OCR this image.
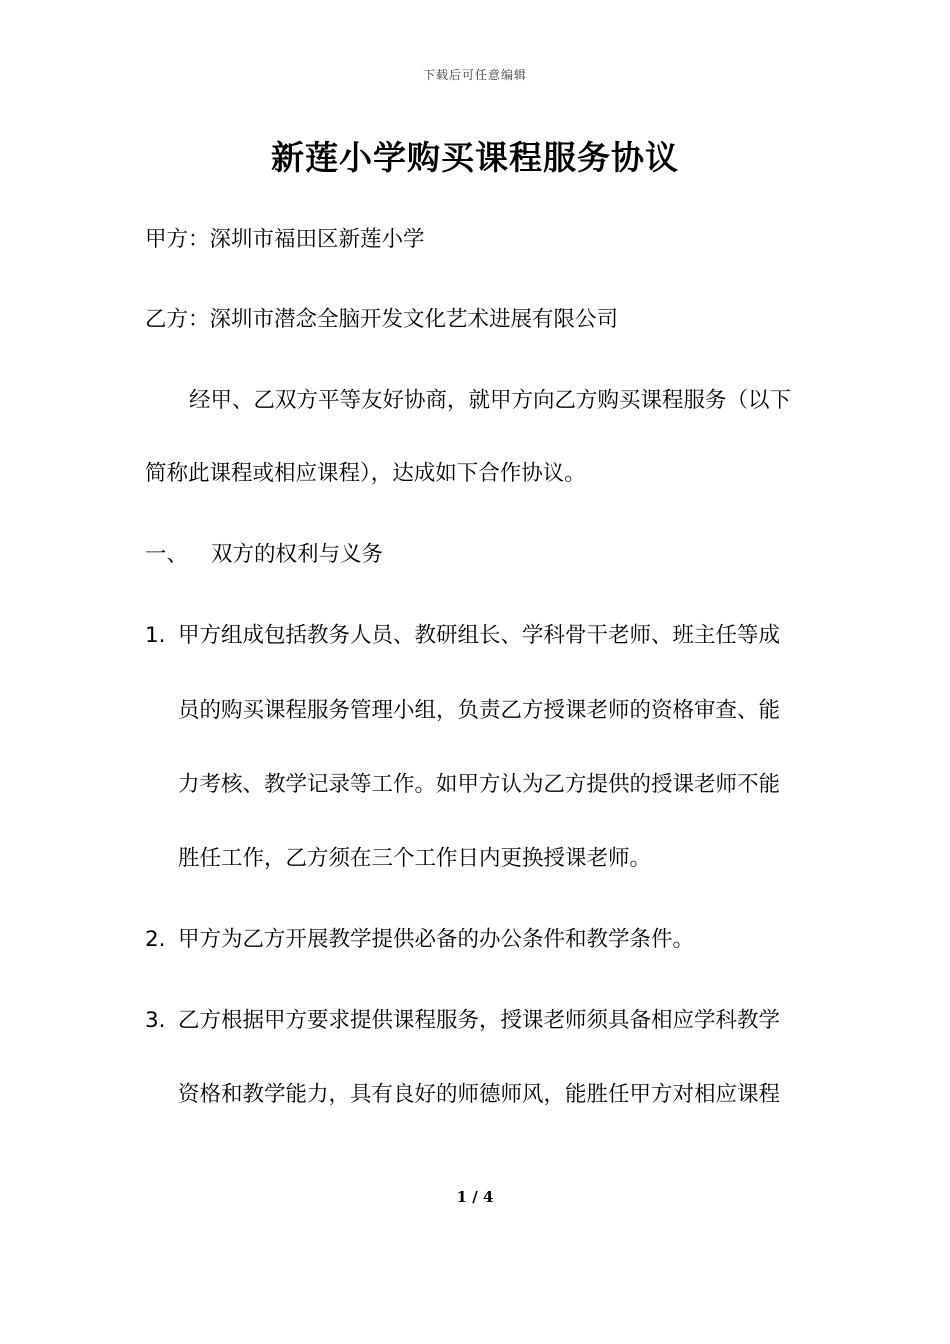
下载后可任意编辑
新莲小学购买课程服务协议
甲方：深圳市福田区新莲小学
乙方：深圳市潜念全脑开发文化艺术进展有限公司
经甲、乙双方平等友好协商，就甲方向乙方购买课程服务（以下
简称此课程或相应课程），达成如下合作协议。
一、 双方的权利与义务
1. 甲方组成包括教务人员、教研组长、学科骨干老师、班主任等成
员的购买课程服务管理小组，负责乙方授课老师的资格审查、能
力考核、教学记录等工作。如甲方认为乙方提供的授课老师不能
胜任工作，乙方须在三个工作日内更换授课老师。
2. 甲方为乙方开展教学提供必备的办公条件和教学条件。
3. 乙方根据甲方要求提供课程服务，授课老师须具备相应学科教学
资格和教学能力，具有良好的师德师风，能胜任甲方对相应课程
1 / 4
